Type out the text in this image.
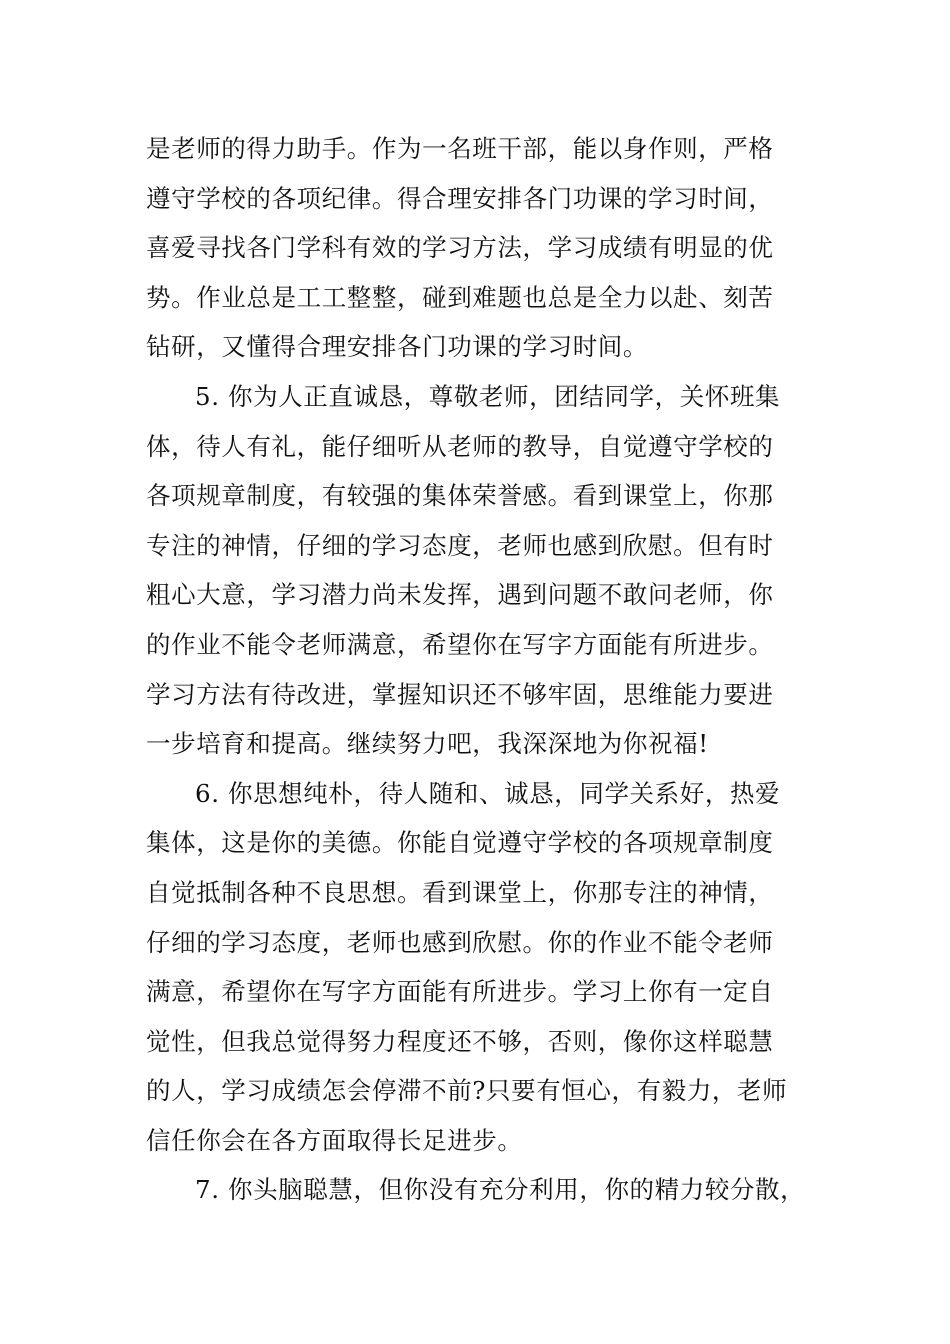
是老师的得力助手。作为一名班干部，能以身作则，严格
遵守学校的各项纪律。得合理安排各门功课的学习时间，
喜爱寻找各门学科有效的学习方法，学习成绩有明显的优
势。作业总是工工整整，碰到难题也总是全力以赴、刻苦
钻研，又懂得合理安排各门功课的学习时间。
5. 你为人正直诚恳，尊敬老师，团结同学，关怀班集
体，待人有礼，能仔细听从老师的教导，自觉遵守学校的
各项规章制度，有较强的集体荣誉感。看到课堂上，你那
专注的神情，仔细的学习态度，老师也感到欣慰。但有时
粗心大意，学习潜力尚未发挥，遇到问题不敢问老师，你
的作业不能令老师满意，希望你在写字方面能有所进步。
学习方法有待改进，掌握知识还不够牢固，思维能力要进
一步培育和提高。继续努力吧，我深深地为你祝福!
6. 你思想纯朴，待人随和、诚恳，同学关系好，热爱
集体，这是你的美德。你能自觉遵守学校的各项规章制度
自觉抵制各种不良思想。看到课堂上，你那专注的神情，
仔细的学习态度，老师也感到欣慰。你的作业不能令老师
满意，希望你在写字方面能有所进步。学习上你有一定自
觉性，但我总觉得努力程度还不够，否则，像你这样聪慧
的人，学习成绩怎会停滞不前?只要有恒心，有毅力，老师
信任你会在各方面取得长足进步。
7. 你头脑聪慧，但你没有充分利用，你的精力较分散，
